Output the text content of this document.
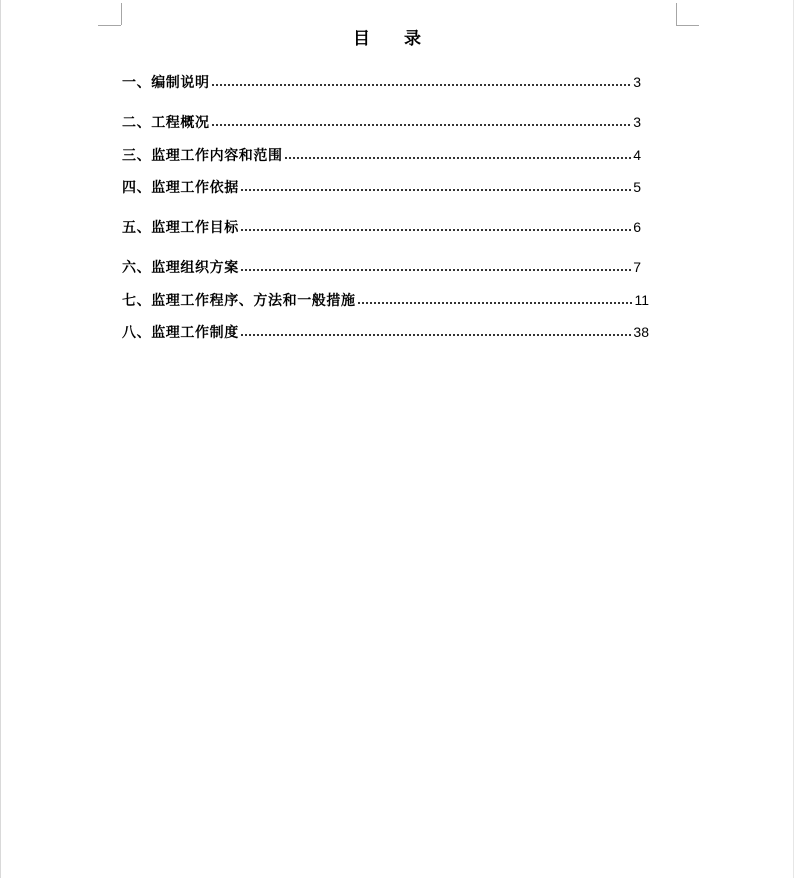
目　　录
一、编制说明	3
二、工程概况	3
三、监理工作内容和范围	4
四、监理工作依据	5
五、监理工作目标	6
六、监理组织方案	7
七、监理工作程序、方法和一般措施	11
八、监理工作制度	38
